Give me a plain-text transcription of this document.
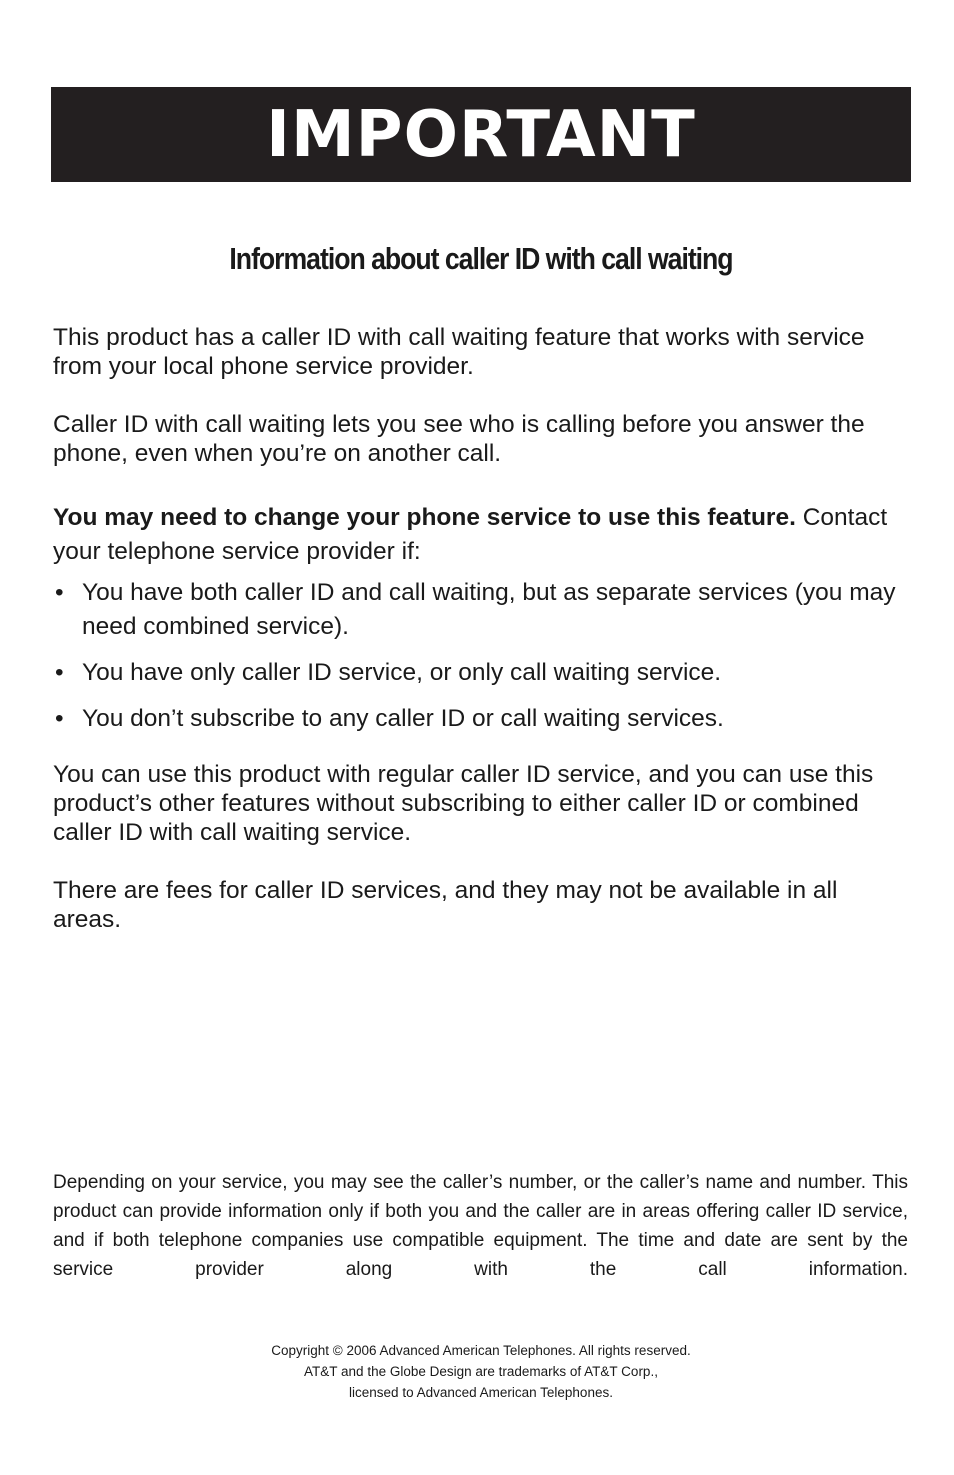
IMPORTANT
Information about caller ID with call waiting

This product has a caller ID with call waiting feature that works with service from your local phone service provider.

Caller ID with call waiting lets you see who is calling before you answer the phone, even when you’re on another call.

You may need to change your phone service to use this feature. Contact your telephone service provider if:

• You have both caller ID and call waiting, but as separate services (you may need combined service).
• You have only caller ID service, or only call waiting service.
• You don’t subscribe to any caller ID or call waiting services.

You can use this product with regular caller ID service, and you can use this product’s other features without subscribing to either caller ID or combined caller ID with call waiting service.

There are fees for caller ID services, and they may not be available in all areas.

Depending on your service, you may see the caller’s number, or the caller’s name and number. This product can provide information only if both you and the caller are in areas offering caller ID service, and if both telephone companies use compatible equipment. The time and date are sent by the service provider along with the call information.

Copyright © 2006 Advanced American Telephones. All rights reserved.
AT&T and the Globe Design are trademarks of AT&T Corp.,
licensed to Advanced American Telephones.
